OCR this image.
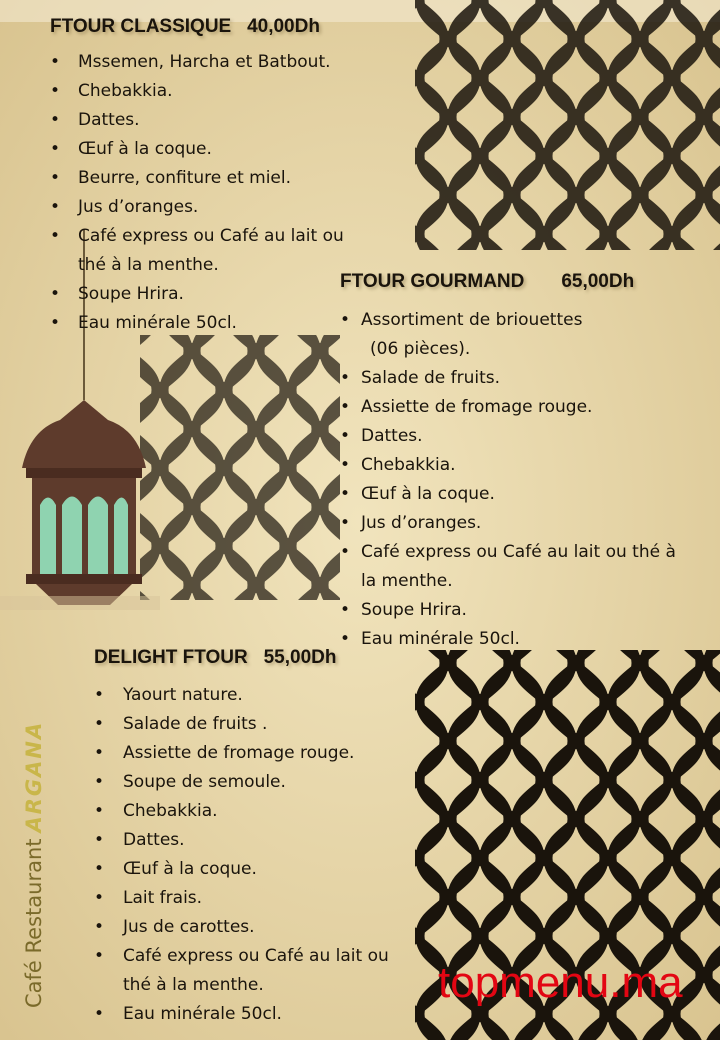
FTOUR CLASSIQUE 40,00Dh
• Mssemen, Harcha et Batbout.
• Chebakkia.
• Dattes.
• Œuf à la coque.
• Beurre, confiture et miel.
• Jus d’oranges.
• Café express ou Café au lait ou
thé à la menthe.
• Soupe Hrira.
• Eau minérale 50cl.
FTOUR GOURMAND 65,00Dh
• Assortiment de briouettes
(06 pièces).
• Salade de fruits.
• Assiette de fromage rouge.
• Dattes.
• Chebakkia.
• Œuf à la coque.
• Jus d’oranges.
• Café express ou Café au lait ou thé à
la menthe.
• Soupe Hrira.
• Eau minérale 50cl.
DELIGHT FTOUR 55,00Dh
• Yaourt nature.
• Salade de fruits .
• Assiette de fromage rouge.
• Soupe de semoule.
• Chebakkia.
• Dattes.
• Œuf à la coque.
• Lait frais.
• Jus de carottes.
• Café express ou Café au lait ou
thé à la menthe.
• Eau minérale 50cl.
Café RestaurantARGANA
topmenu.ma
